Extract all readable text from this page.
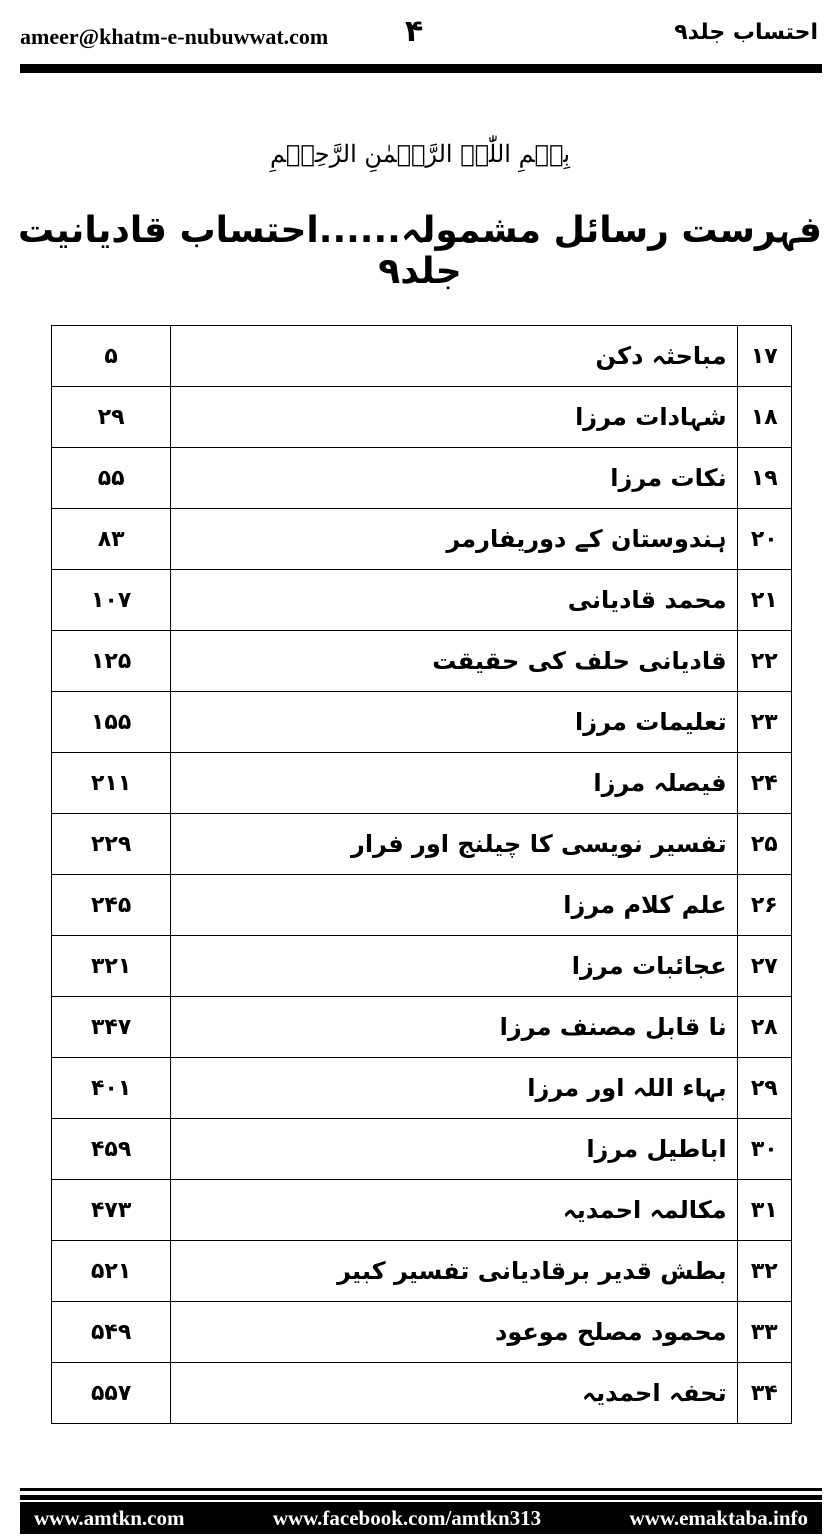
ameer@khatm-e-nubuwwat.com	۴	احتساب جلد۹
بِسۡمِ اللّٰہِ الرَّحۡمٰنِ الرَّحِیۡمِ
فہرست رسائل مشمولہ......احتساب قادیانیت جلد۹
۱۷	مباحثہ دکن	۵
۱۸	شہادات مرزا	۲۹
۱۹	نکات مرزا	۵۵
۲۰	ہندوستان کے دوریفارمر	۸۳
۲۱	محمد قادیانی	۱۰۷
۲۲	قادیانی حلف کی حقیقت	۱۲۵
۲۳	تعلیمات مرزا	۱۵۵
۲۴	فیصلہ مرزا	۲۱۱
۲۵	تفسیر نویسی کا چیلنج اور فرار	۲۲۹
۲۶	علم کلام مرزا	۲۴۵
۲۷	عجائبات مرزا	۳۲۱
۲۸	نا قابل مصنف مرزا	۳۴۷
۲۹	بہاء اللہ اور مرزا	۴۰۱
۳۰	اباطیل مرزا	۴۵۹
۳۱	مکالمہ احمدیہ	۴۷۳
۳۲	بطش قدیر برقادیانی تفسیر کبیر	۵۲۱
۳۳	محمود مصلح موعود	۵۴۹
۳۴	تحفہ احمدیہ	۵۵۷
www.amtkn.com	www.facebook.com/amtkn313	www.emaktaba.info
